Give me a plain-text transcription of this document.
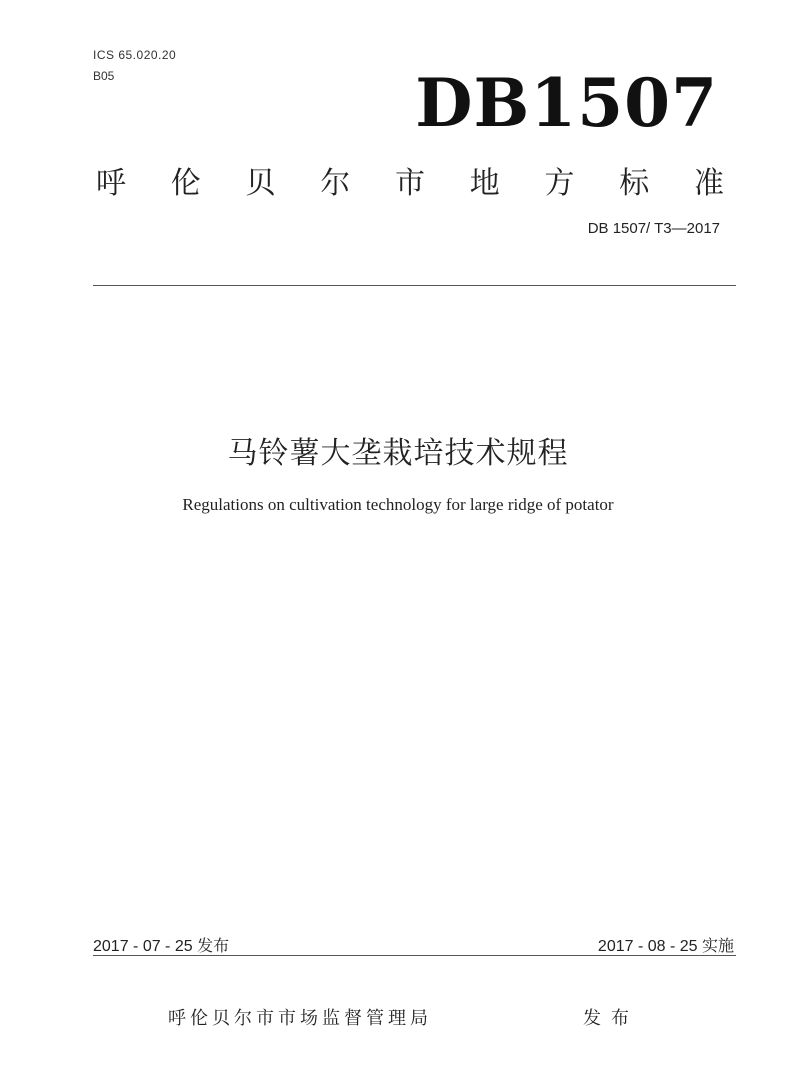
ICS 65.020.20
B05	DB1507
呼 伦 贝 尔 市 地 方 标 准
DB 1507/ T3—2017
马铃薯大垄栽培技术规程
Regulations on cultivation technology for large ridge of potator
2017 - 07 - 25 发布	2017 - 08 - 25 实施
呼伦贝尔市市场监督管理局	发布
